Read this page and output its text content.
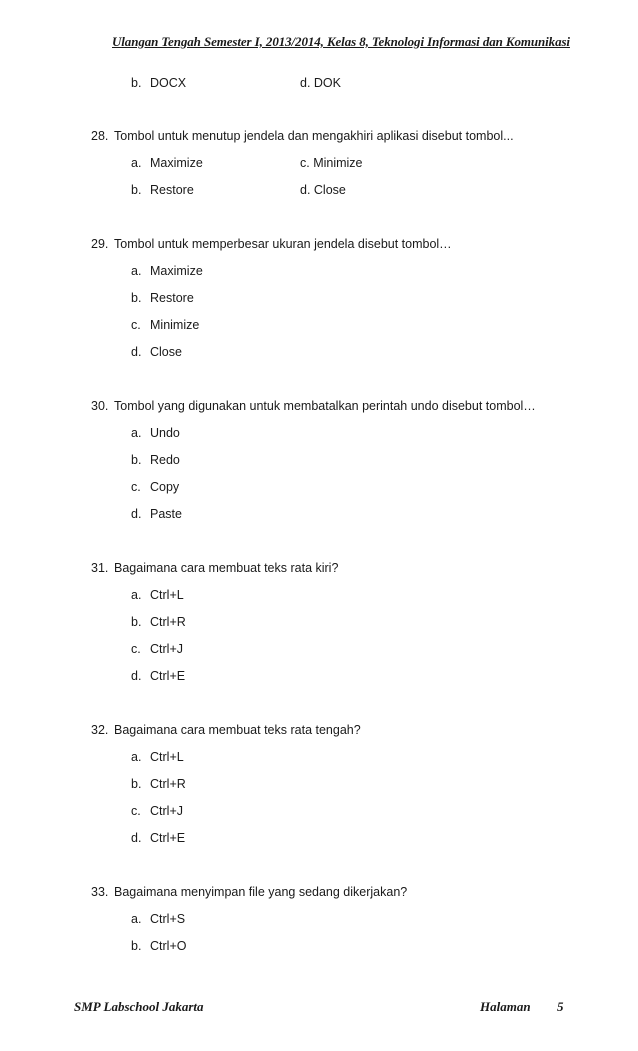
Ulangan Tengah Semester I, 2013/2014, Kelas 8, Teknologi Informasi dan Komunikasi
b. DOCX	d. DOK
28. Tombol untuk menutup jendela dan mengakhiri aplikasi disebut tombol...
a. Maximize	c. Minimize
b. Restore	d. Close
29. Tombol untuk memperbesar ukuran jendela disebut tombol…
a. Maximize
b. Restore
c. Minimize
d. Close
30. Tombol yang digunakan untuk membatalkan perintah undo disebut tombol…
a. Undo
b. Redo
c. Copy
d. Paste
31. Bagaimana cara membuat teks rata kiri?
a. Ctrl+L
b. Ctrl+R
c. Ctrl+J
d. Ctrl+E
32. Bagaimana cara membuat teks rata tengah?
a. Ctrl+L
b. Ctrl+R
c. Ctrl+J
d. Ctrl+E
33. Bagaimana menyimpan file yang sedang dikerjakan?
a. Ctrl+S
b. Ctrl+O
SMP Labschool Jakarta	Halaman 5
